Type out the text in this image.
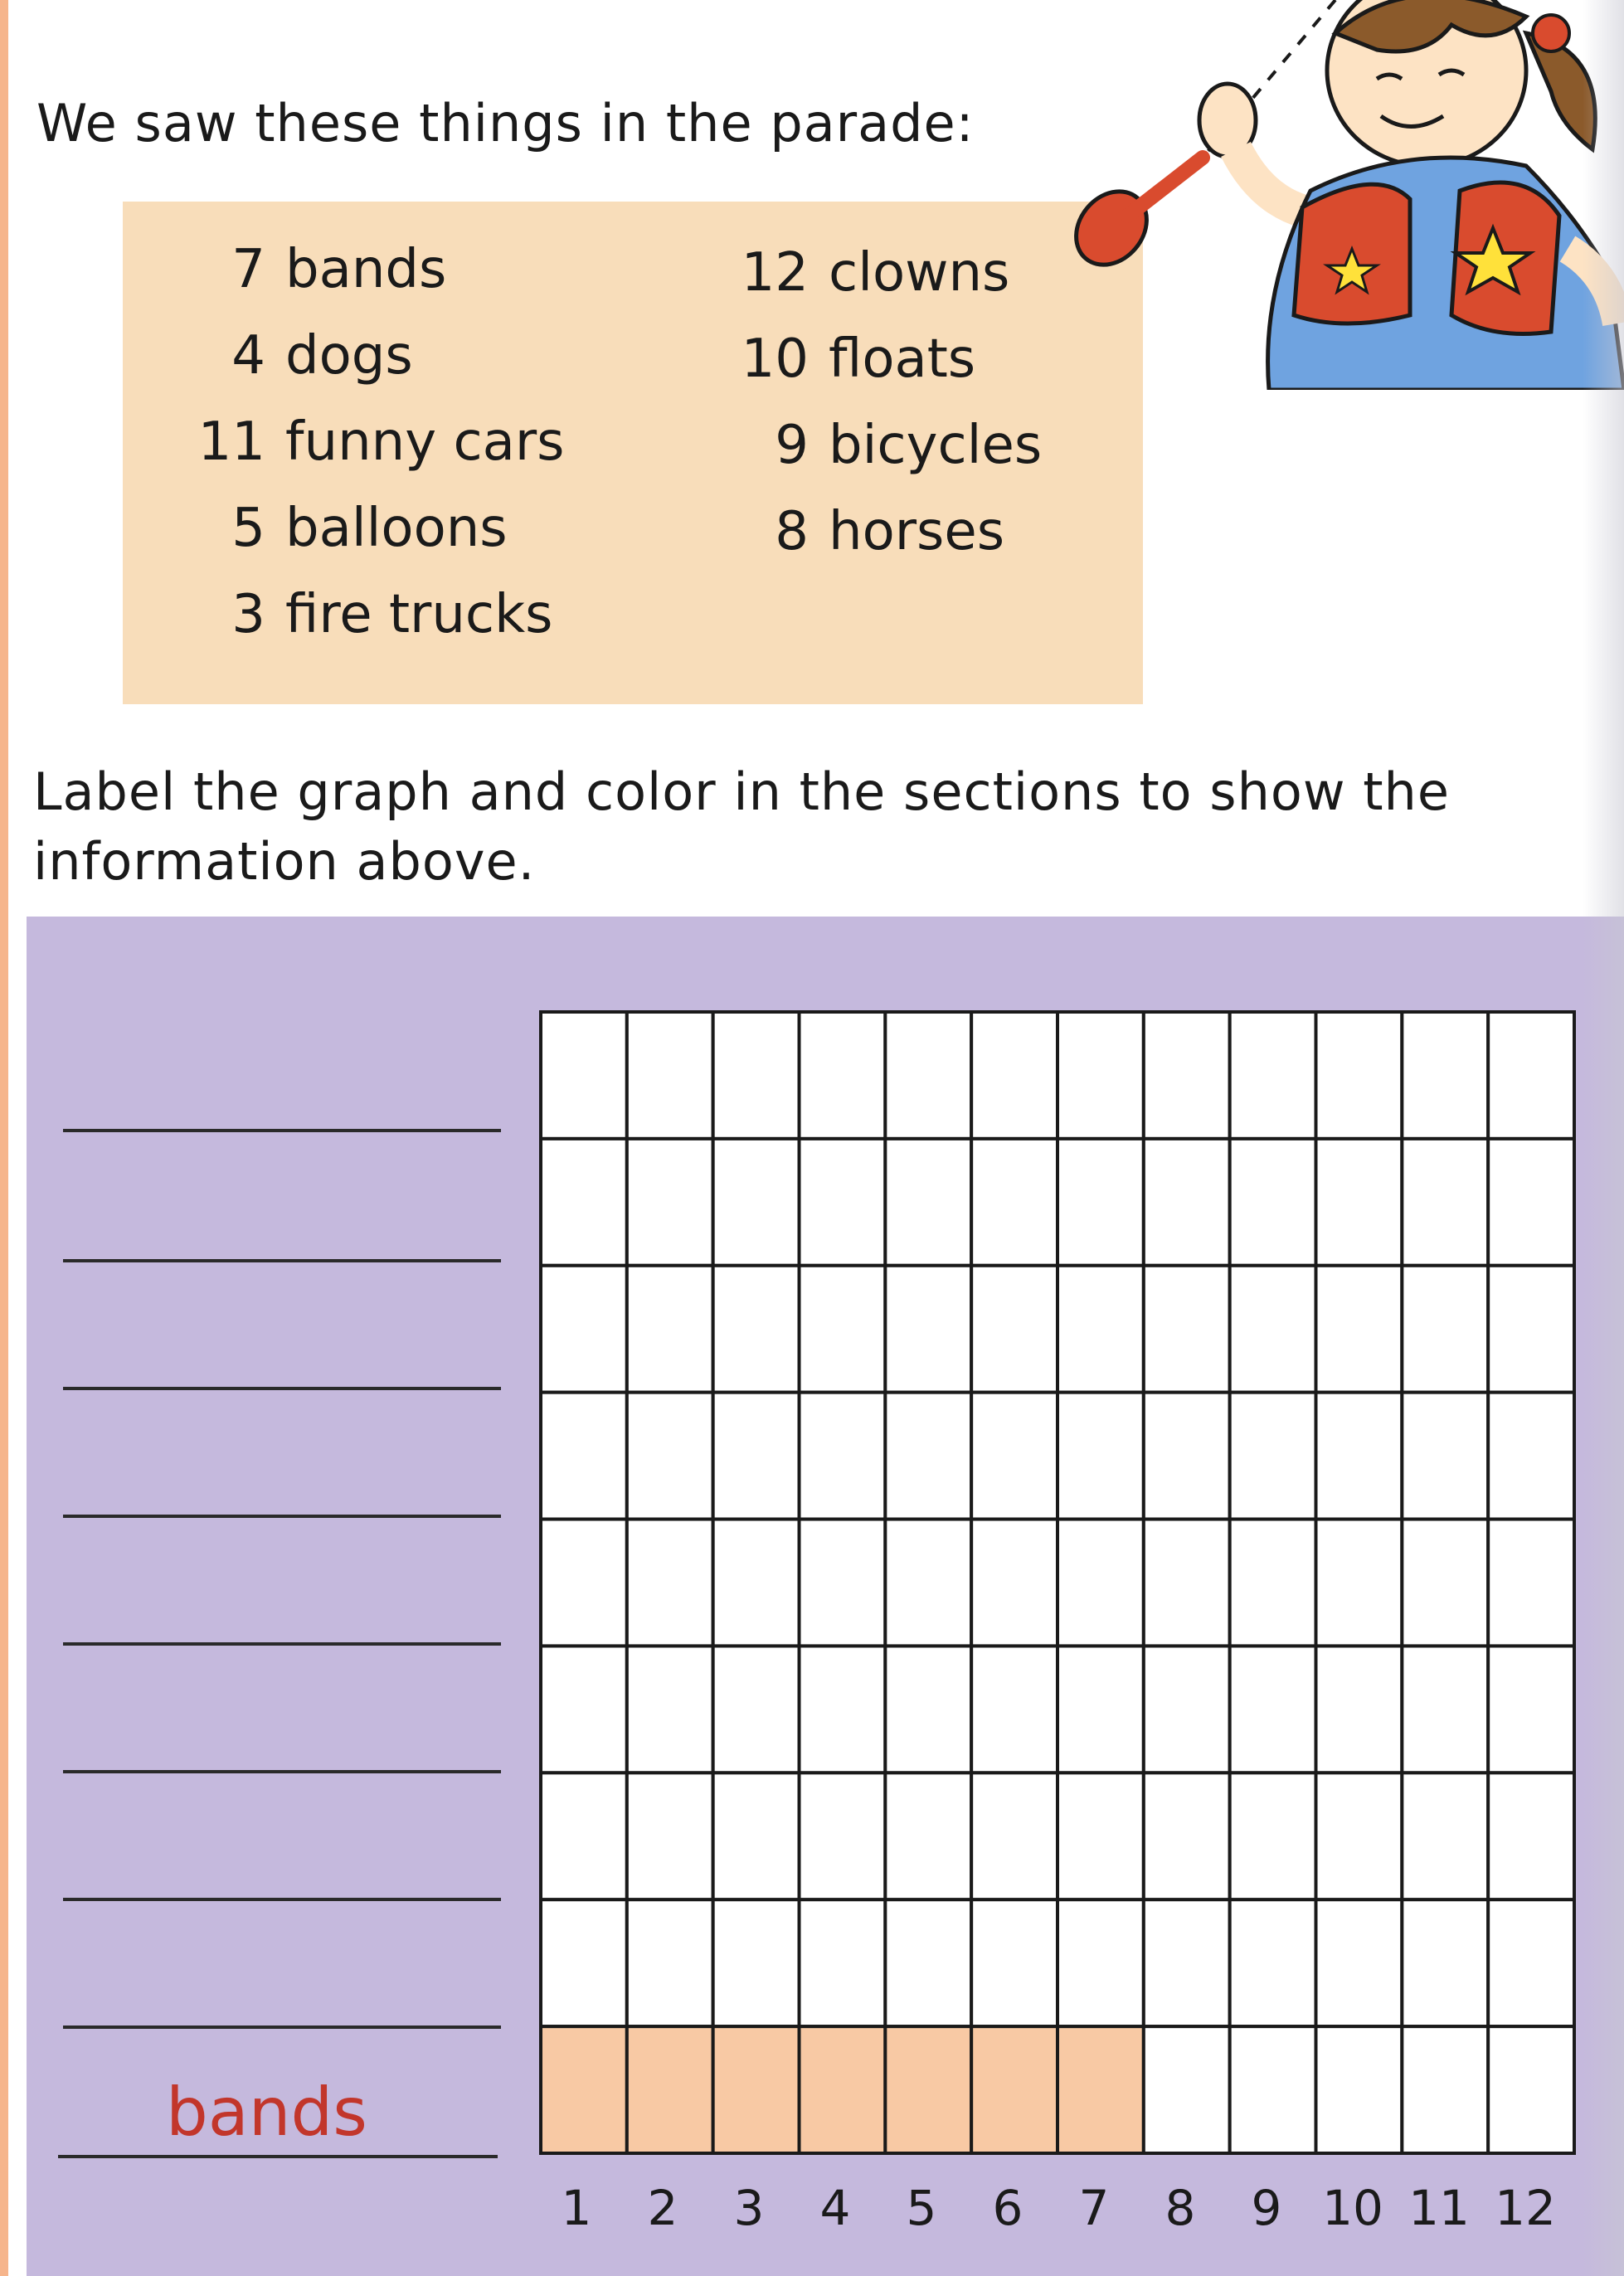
We saw these things in the parade:
7 bands
4 dogs
11 funny cars
5 balloons
3 fire trucks
12 clowns
10 floats
9 bicycles
8 horses
Label the graph and color in the sections to show the
information above.
bands
1	2	3	4	5	6	7	8	9 10 11 12
